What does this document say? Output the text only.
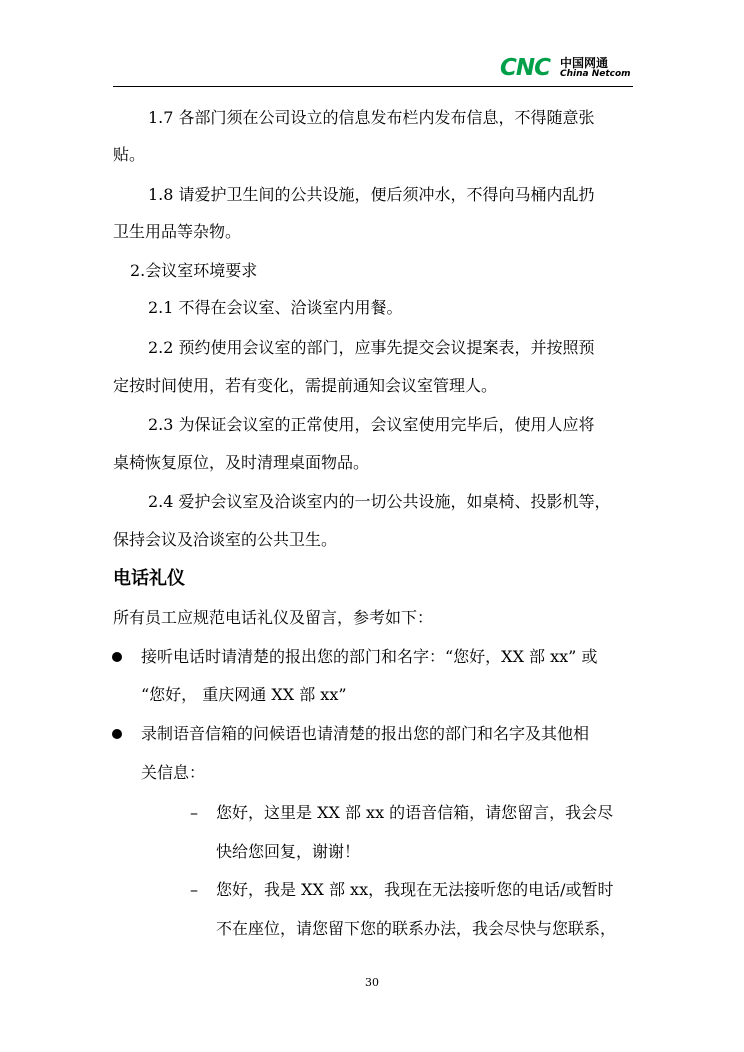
CNC 中国网通
China Netcom
1.7 各部门须在公司设立的信息发布栏内发布信息，不得随意张
贴。
1.8 请爱护卫生间的公共设施，便后须冲水，不得向马桶内乱扔
卫生用品等杂物。
2.会议室环境要求
2.1 不得在会议室、洽谈室内用餐。
2.2 预约使用会议室的部门，应事先提交会议提案表，并按照预
定按时间使用，若有变化，需提前通知会议室管理人。
2.3 为保证会议室的正常使用，会议室使用完毕后，使用人应将
桌椅恢复原位，及时清理桌面物品。
2.4 爱护会议室及洽谈室内的一切公共设施，如桌椅、投影机等，
保持会议及洽谈室的公共卫生。
电话礼仪
所有员工应规范电话礼仪及留言，参考如下：
接听电话时请清楚的报出您的部门和名字：“您好，XX 部 xx” 或
“您好， 重庆网通 XX 部 xx”
录制语音信箱的问候语也请清楚的报出您的部门和名字及其他相
关信息：
– 您好，这里是 XX 部 xx 的语音信箱，请您留言，我会尽
快给您回复，谢谢！
– 您好，我是 XX 部 xx，我现在无法接听您的电话/或暂时
不在座位，请您留下您的联系办法，我会尽快与您联系，
30
